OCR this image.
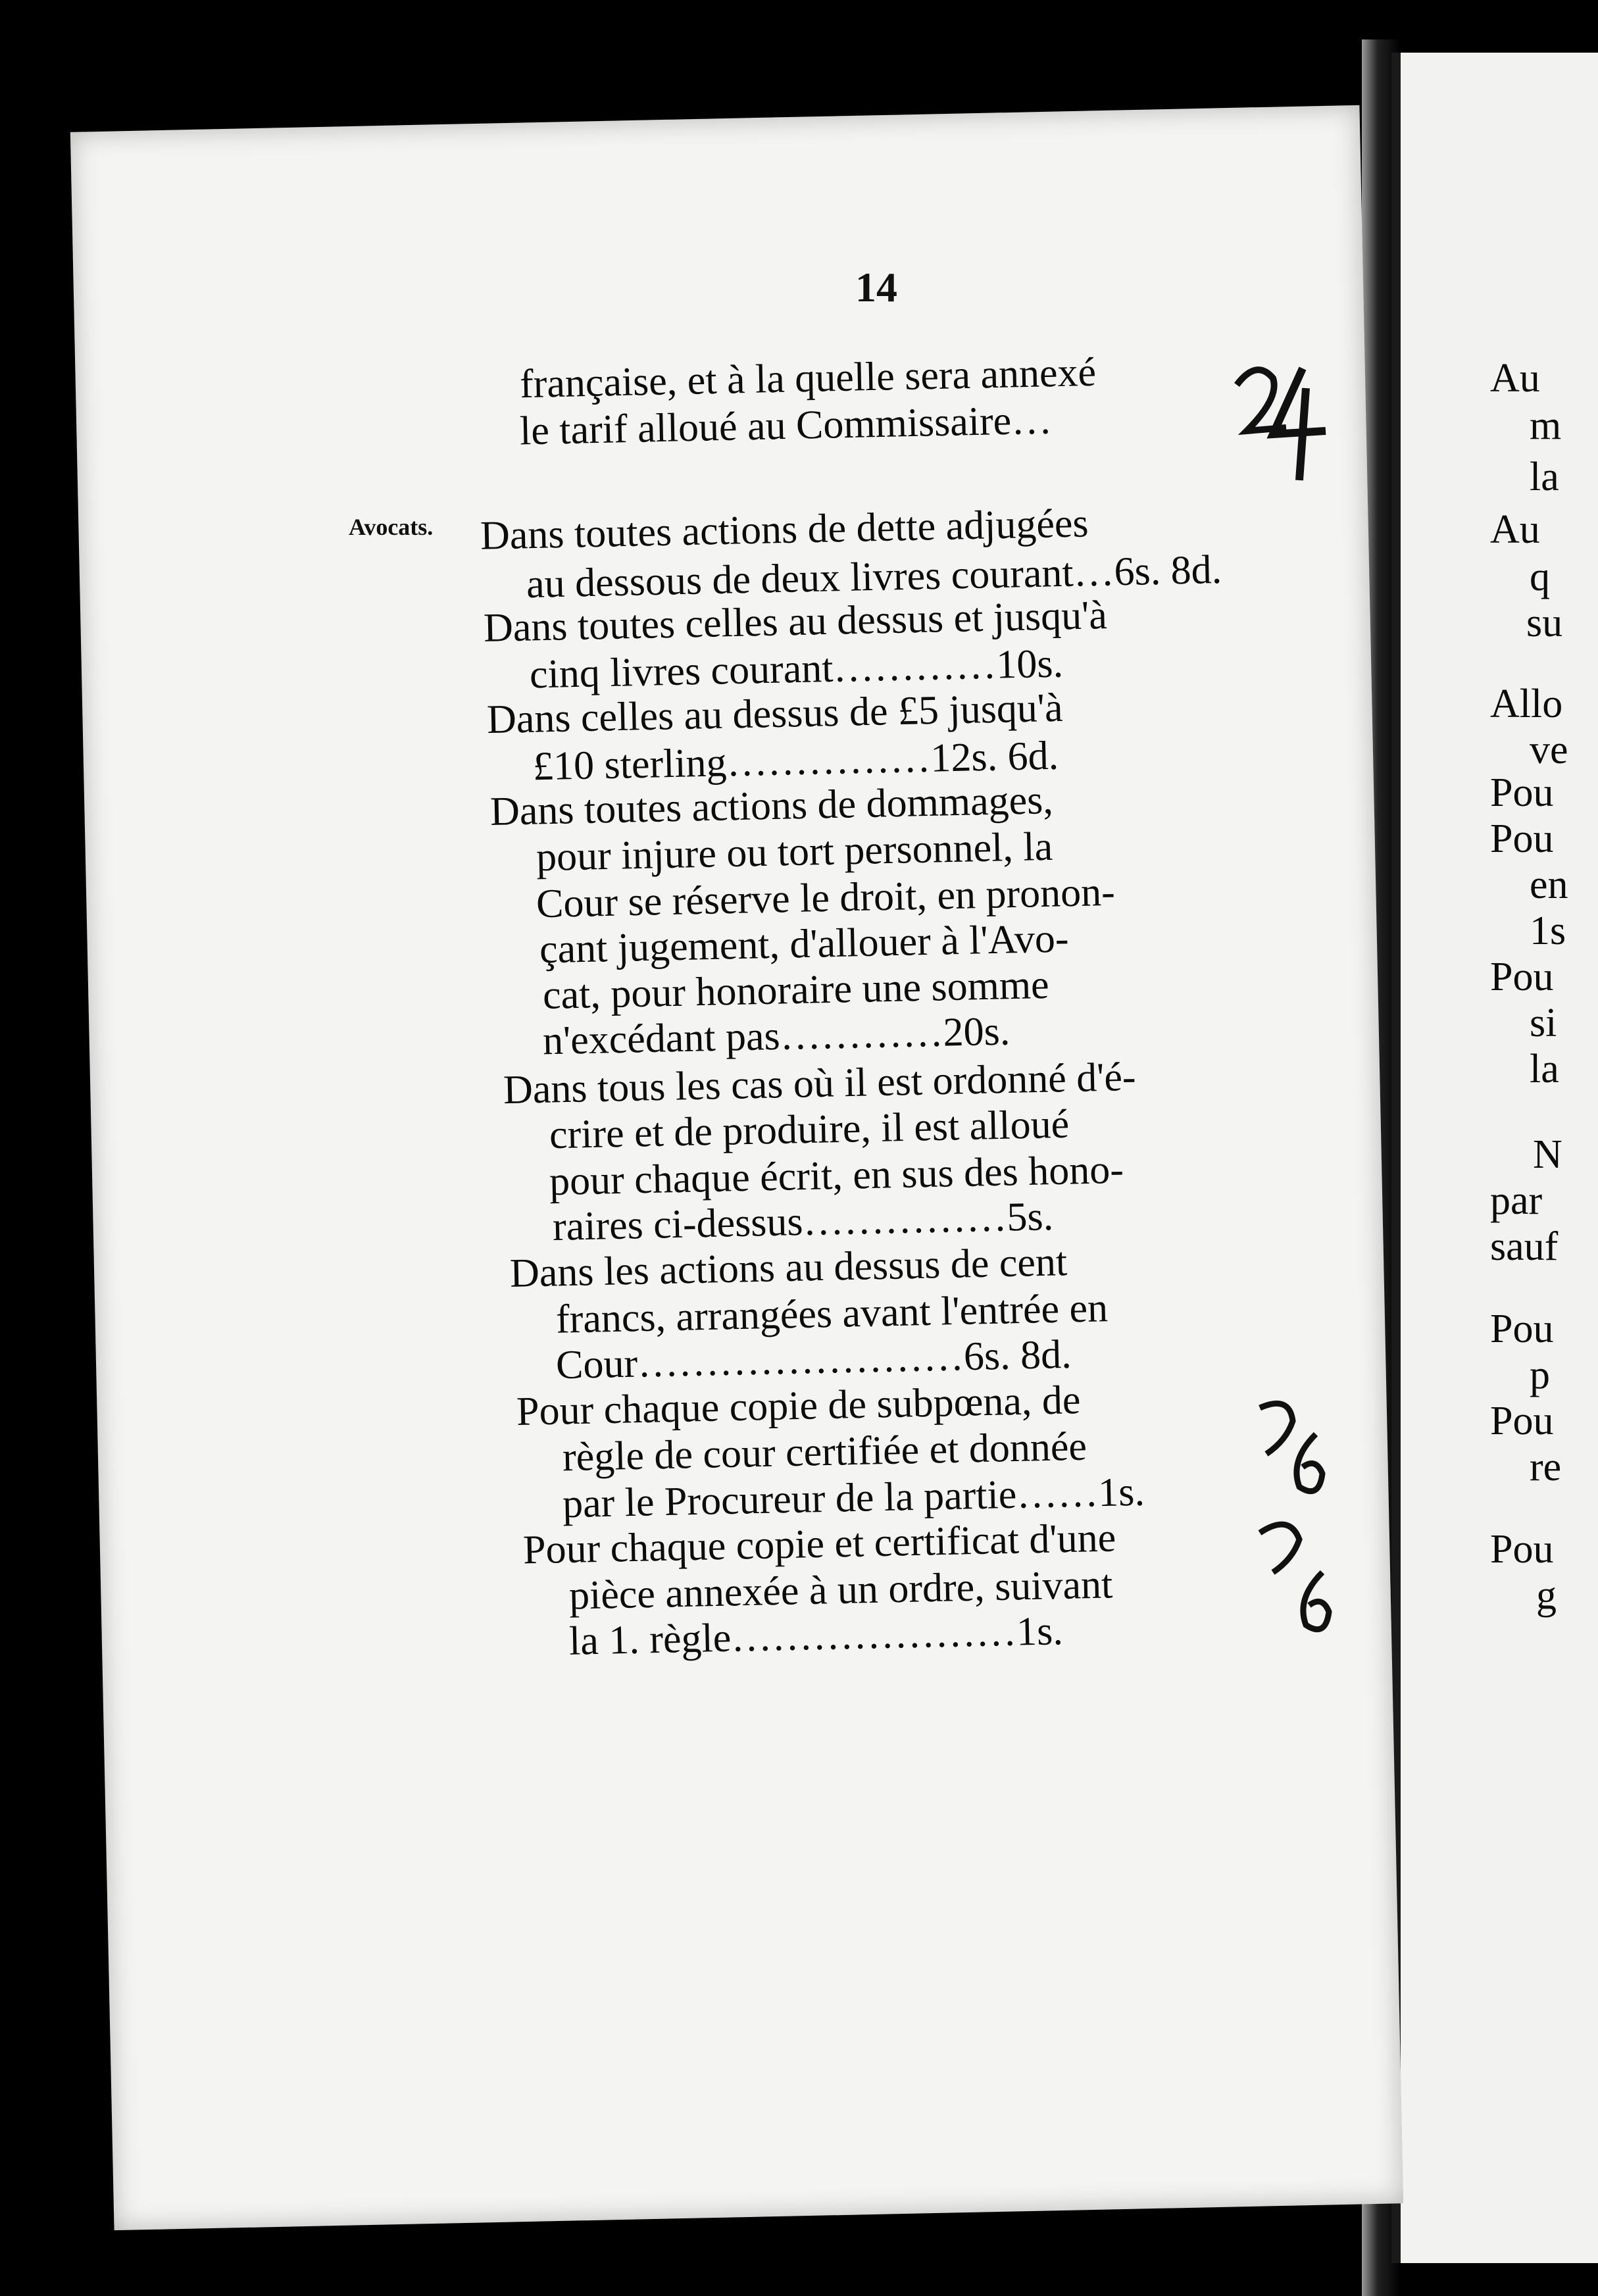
14
Avocats.
française, et à la quelle sera annexé
le tarif alloué au Commissaire…
Dans toutes actions de dette adjugées
au dessous de deux livres courant…6s. 8d.
Dans toutes celles au dessus et jusqu'à
cinq livres courant…………10s.
Dans celles au dessus de £5 jusqu'à
£10 sterling……………12s. 6d.
Dans toutes actions de dommages,
pour injure ou tort personnel, la
Cour se réserve le droit, en pronon-
çant jugement, d'allouer à l'Avo-
cat, pour honoraire une somme
n'excédant pas…………20s.
Dans tous les cas où il est ordonné d'é-
crire et de produire, il est alloué
pour chaque écrit, en sus des hono-
raires ci-dessus……………5s.
Dans les actions au dessus de cent
francs, arrangées avant l'entrée en
Cour……………………6s. 8d.
Pour chaque copie de subpœna, de
règle de cour certifiée et donnée
par le Procureur de la partie……1s.
Pour chaque copie et certificat d'une
pièce annexée à un ordre, suivant
la 1. règle…………………1s.
Au
m
la
Au
q
su
Allo
ve
Pou
Pou
en
1s
Pou
si
la
N
par
sauf
Pou
p
Pou
re
Pou
g
